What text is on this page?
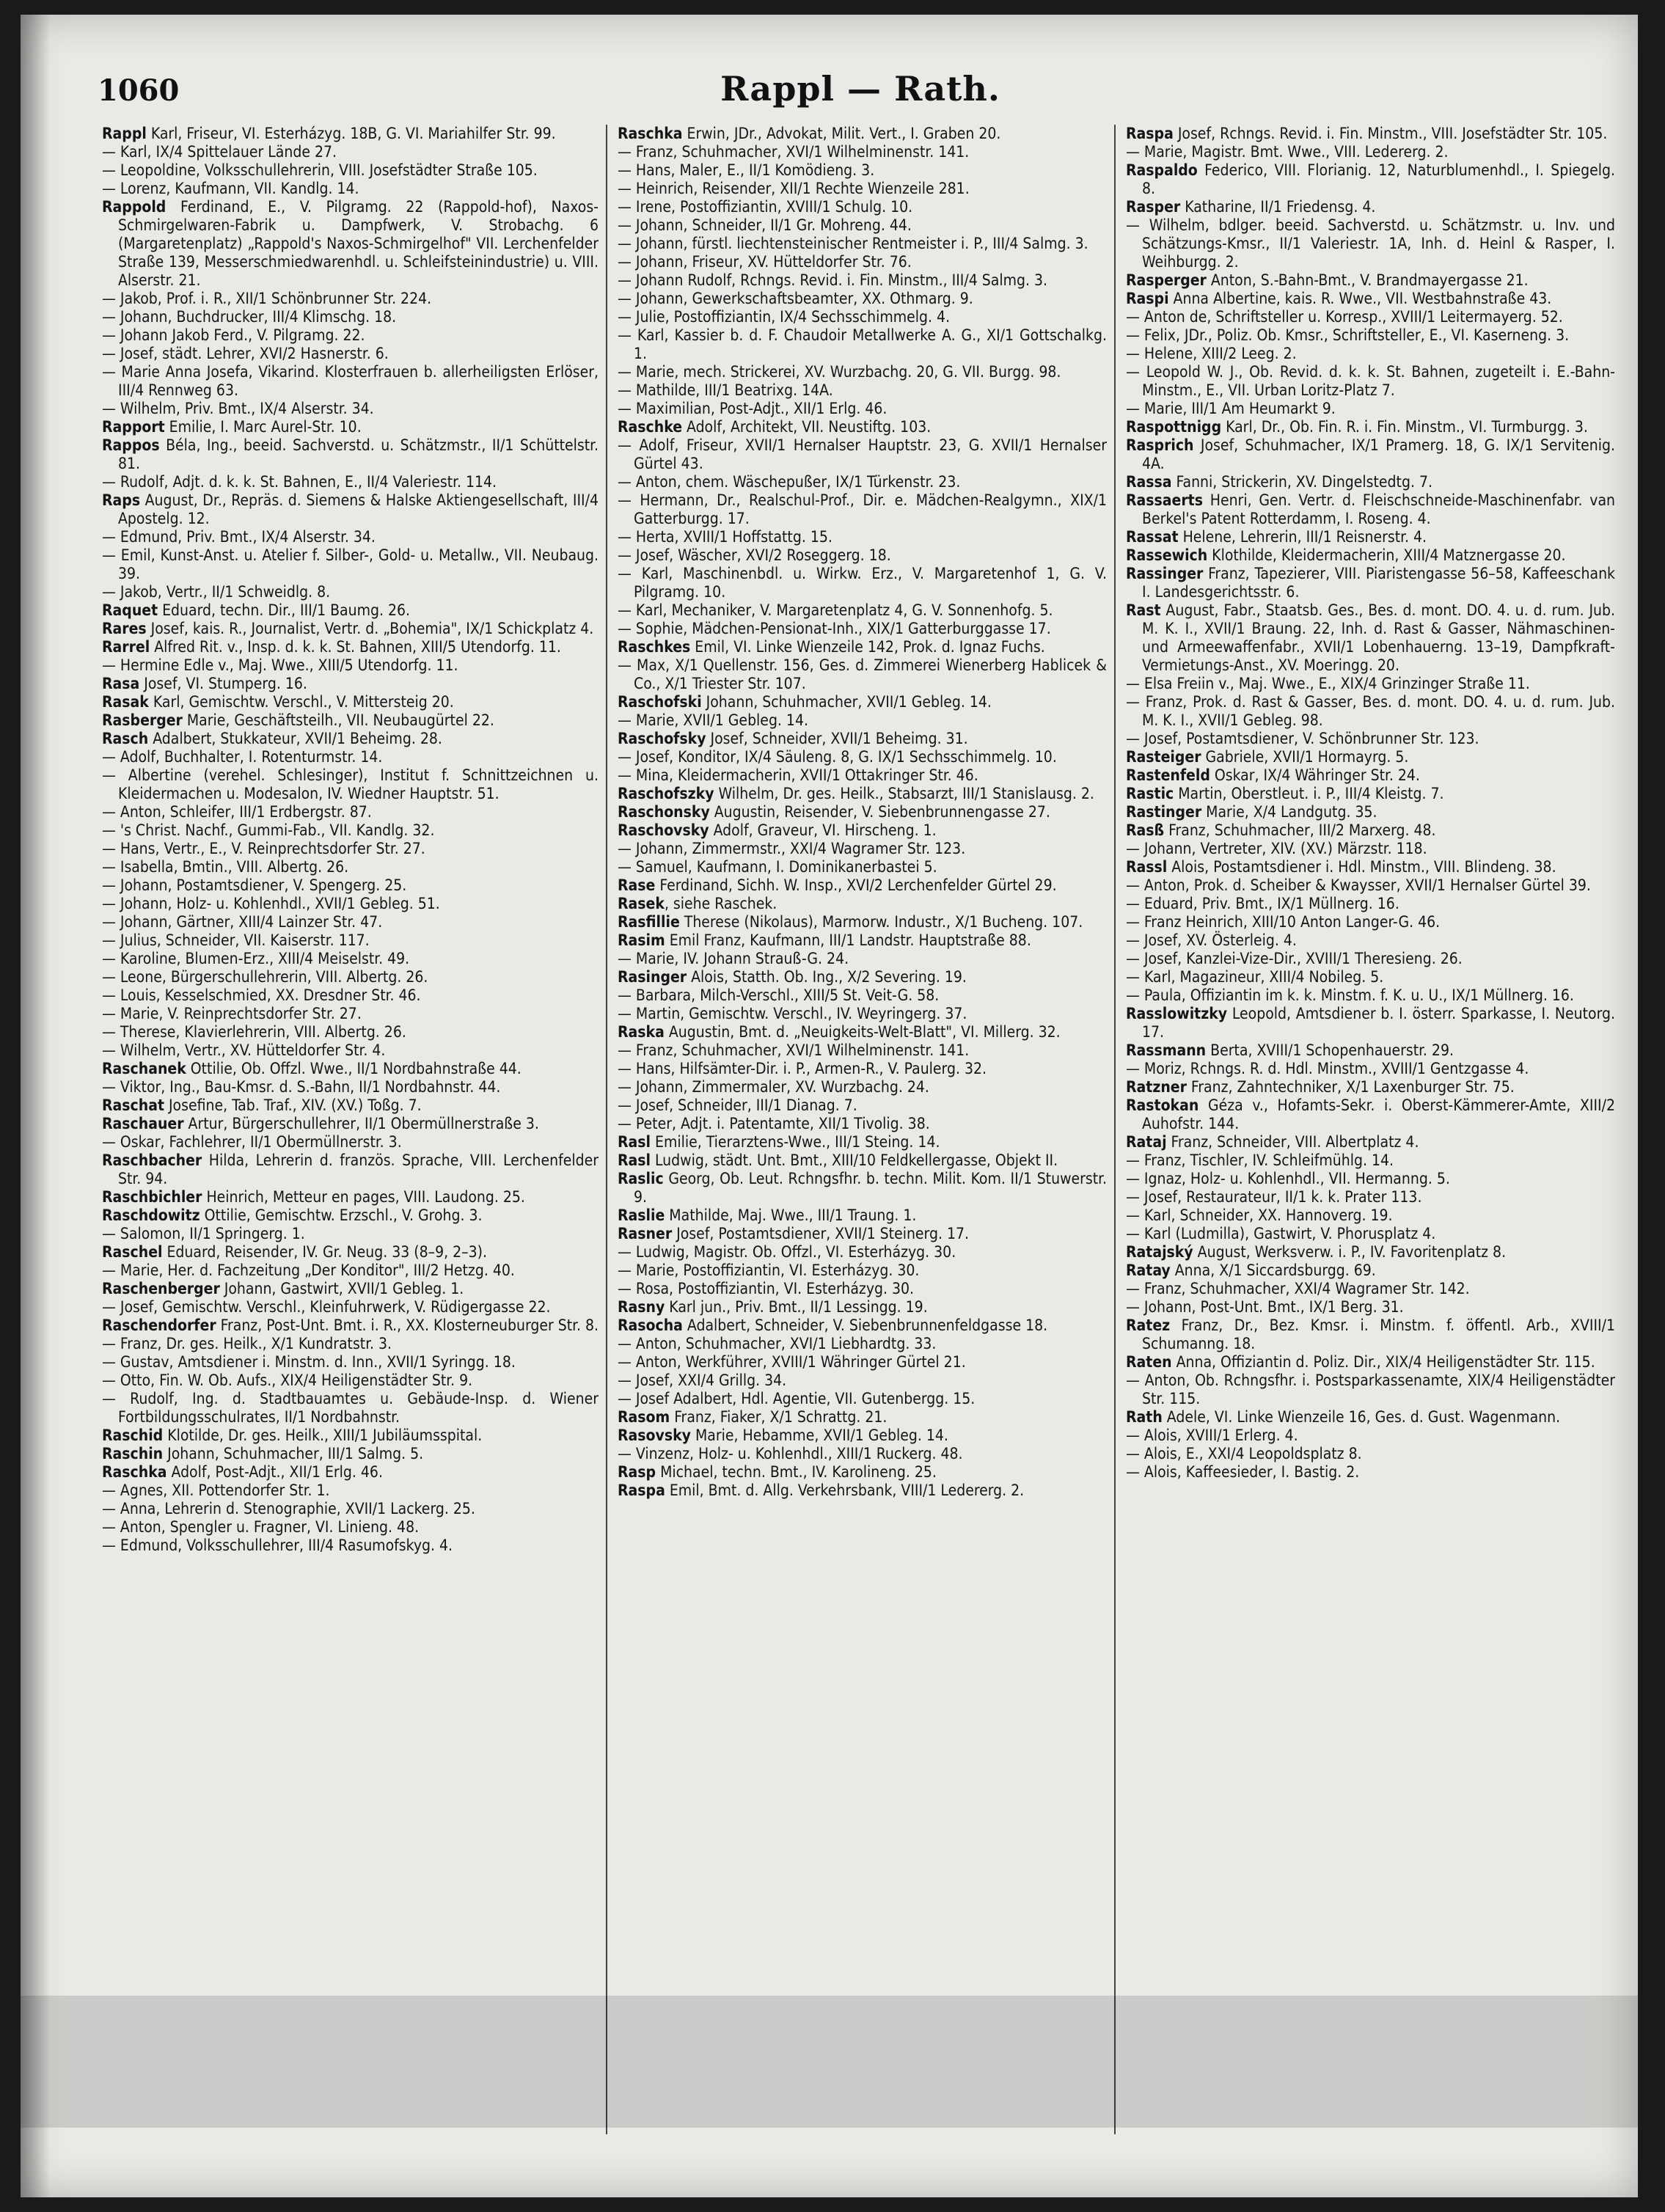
1060	Rappl — Rath.

Rappl Karl, Friseur, VI. Esterházyg. 18B, G. VI. Mariahilfer Str. 99.

— Karl, IX/4 Spittelauer Lände 27.

— Leopoldine, Volksschullehrerin, VIII. Josefstädter Straße 105.

— Lorenz, Kaufmann, VII. Kandlg. 14.

Rappold Ferdinand, E., V. Pilgramg. 22 (Rappold-hof), Naxos-Schmirgelwaren-Fabrik u. Dampfwerk, V. Strobachg. 6 (Margaretenplatz) „Rappold's Naxos-Schmirgelhof" VII. Lerchenfelder Straße 139, Messerschmiedwarenhdl. u. Schleifsteinindustrie) u. VIII. Alserstr. 21.

— Jakob, Prof. i. R., XII/1 Schönbrunner Str. 224.

— Johann, Buchdrucker, III/4 Klimschg. 18.

— Johann Jakob Ferd., V. Pilgramg. 22.

— Josef, städt. Lehrer, XVI/2 Hasnerstr. 6.

— Marie Anna Josefa, Vikarind. Klosterfrauen b. allerheiligsten Erlöser, III/4 Rennweg 63.

— Wilhelm, Priv. Bmt., IX/4 Alserstr. 34.

Rapport Emilie, I. Marc Aurel-Str. 10.

Rappos Béla, Ing., beeid. Sachverstd. u. Schätzmstr., II/1 Schüttelstr. 81.

— Rudolf, Adjt. d. k. k. St. Bahnen, E., II/4 Valeriestr. 114.

Raps August, Dr., Repräs. d. Siemens & Halske Aktiengesellschaft, III/4 Apostelg. 12.

— Edmund, Priv. Bmt., IX/4 Alserstr. 34.

— Emil, Kunst-Anst. u. Atelier f. Silber-, Gold- u. Metallw., VII. Neubaug. 39.

— Jakob, Vertr., II/1 Schweidlg. 8.

Raquet Eduard, techn. Dir., III/1 Baumg. 26.

Rares Josef, kais. R., Journalist, Vertr. d. „Bohemia", IX/1 Schickplatz 4.

Rarrel Alfred Rit. v., Insp. d. k. k. St. Bahnen, XIII/5 Utendorfg. 11.

— Hermine Edle v., Maj. Wwe., XIII/5 Utendorfg. 11.

Rasa Josef, VI. Stumperg. 16.

Rasak Karl, Gemischtw. Verschl., V. Mittersteig 20.

Rasberger Marie, Geschäftsteilh., VII. Neubaugürtel 22.

Rasch Adalbert, Stukkateur, XVII/1 Beheimg. 28.

— Adolf, Buchhalter, I. Rotenturmstr. 14.

— Albertine (verehel. Schlesinger), Institut f. Schnittzeichnen u. Kleidermachen u. Modesalon, IV. Wiedner Hauptstr. 51.

— Anton, Schleifer, III/1 Erdbergstr. 87.

— 's Christ. Nachf., Gummi-Fab., VII. Kandlg. 32.

— Hans, Vertr., E., V. Reinprechtsdorfer Str. 27.

— Isabella, Bmtin., VIII. Albertg. 26.

— Johann, Postamtsdiener, V. Spengerg. 25.

— Johann, Holz- u. Kohlenhdl., XVII/1 Gebleg. 51.

— Johann, Gärtner, XIII/4 Lainzer Str. 47.

— Julius, Schneider, VII. Kaiserstr. 117.

— Karoline, Blumen-Erz., XIII/4 Meiselstr. 49.

— Leone, Bürgerschullehrerin, VIII. Albertg. 26.

— Louis, Kesselschmied, XX. Dresdner Str. 46.

— Marie, V. Reinprechtsdorfer Str. 27.

— Therese, Klavierlehrerin, VIII. Albertg. 26.

— Wilhelm, Vertr., XV. Hütteldorfer Str. 4.

Raschanek Ottilie, Ob. Offzl. Wwe., II/1 Nordbahnstraße 44.

— Viktor, Ing., Bau-Kmsr. d. S.-Bahn, II/1 Nordbahnstr. 44.

Raschat Josefine, Tab. Traf., XIV. (XV.) Toßg. 7.

Raschauer Artur, Bürgerschullehrer, II/1 Obermüllnerstraße 3.

— Oskar, Fachlehrer, II/1 Obermüllnerstr. 3.

Raschbacher Hilda, Lehrerin d. französ. Sprache, VIII. Lerchenfelder Str. 94.

Raschbichler Heinrich, Metteur en pages, VIII. Laudong. 25.

Raschdowitz Ottilie, Gemischtw. Erzschl., V. Grohg. 3.

— Salomon, II/1 Springerg. 1.

Raschel Eduard, Reisender, IV. Gr. Neug. 33 (8–9, 2–3).

— Marie, Her. d. Fachzeitung „Der Konditor", III/2 Hetzg. 40.

Raschenberger Johann, Gastwirt, XVII/1 Gebleg. 1.

— Josef, Gemischtw. Verschl., Kleinfuhrwerk, V. Rüdigergasse 22.

Raschendorfer Franz, Post-Unt. Bmt. i. R., XX. Klosterneuburger Str. 8.

— Franz, Dr. ges. Heilk., X/1 Kundratstr. 3.

— Gustav, Amtsdiener i. Minstm. d. Inn., XVII/1 Syringg. 18.

— Otto, Fin. W. Ob. Aufs., XIX/4 Heiligenstädter Str. 9.

— Rudolf, Ing. d. Stadtbauamtes u. Gebäude-Insp. d. Wiener Fortbildungsschulrates, II/1 Nordbahnstr.

Raschid Klotilde, Dr. ges. Heilk., XIII/1 Jubiläumsspital.

Raschin Johann, Schuhmacher, III/1 Salmg. 5.

Raschka Adolf, Post-Adjt., XII/1 Erlg. 46.

— Agnes, XII. Pottendorfer Str. 1.

— Anna, Lehrerin d. Stenographie, XVII/1 Lackerg. 25.

— Anton, Spengler u. Fragner, VI. Linieng. 48.

— Edmund, Volksschullehrer, III/4 Rasumofskyg. 4.

Raschka Erwin, JDr., Advokat, Milit. Vert., I. Graben 20.

— Franz, Schuhmacher, XVI/1 Wilhelminenstr. 141.

— Hans, Maler, E., II/1 Komödieng. 3.

— Heinrich, Reisender, XII/1 Rechte Wienzeile 281.

— Irene, Postoffiziantin, XVIII/1 Schulg. 10.

— Johann, Schneider, II/1 Gr. Mohreng. 44.

— Johann, fürstl. liechtensteinischer Rentmeister i. P., III/4 Salmg. 3.

— Johann, Friseur, XV. Hütteldorfer Str. 76.

— Johann Rudolf, Rchngs. Revid. i. Fin. Minstm., III/4 Salmg. 3.

— Johann, Gewerkschaftsbeamter, XX. Othmarg. 9.

— Julie, Postoffiziantin, IX/4 Sechsschimmelg. 4.

— Karl, Kassier b. d. F. Chaudoir Metallwerke A. G., XI/1 Gottschalkg. 1.

— Marie, mech. Strickerei, XV. Wurzbachg. 20, G. VII. Burgg. 98.

— Mathilde, III/1 Beatrixg. 14A.

— Maximilian, Post-Adjt., XII/1 Erlg. 46.

Raschke Adolf, Architekt, VII. Neustiftg. 103.

— Adolf, Friseur, XVII/1 Hernalser Hauptstr. 23, G. XVII/1 Hernalser Gürtel 43.

— Anton, chem. Wäschepußer, IX/1 Türkenstr. 23.

— Hermann, Dr., Realschul-Prof., Dir. e. Mädchen-Realgymn., XIX/1 Gatterburgg. 17.

— Herta, XVIII/1 Hoffstattg. 15.

— Josef, Wäscher, XVI/2 Roseggerg. 18.

— Karl, Maschinenbdl. u. Wirkw. Erz., V. Margaretenhof 1, G. V. Pilgramg. 10.

— Karl, Mechaniker, V. Margaretenplatz 4, G. V. Sonnenhofg. 5.

— Sophie, Mädchen-Pensionat-Inh., XIX/1 Gatterburggasse 17.

Raschkes Emil, VI. Linke Wienzeile 142, Prok. d. Ignaz Fuchs.

— Max, X/1 Quellenstr. 156, Ges. d. Zimmerei Wienerberg Hablicek & Co., X/1 Triester Str. 107.

Raschofski Johann, Schuhmacher, XVII/1 Gebleg. 14.

— Marie, XVII/1 Gebleg. 14.

Raschofsky Josef, Schneider, XVII/1 Beheimg. 31.

— Josef, Konditor, IX/4 Säuleng. 8, G. IX/1 Sechsschimmelg. 10.

— Mina, Kleidermacherin, XVII/1 Ottakringer Str. 46.

Raschofszky Wilhelm, Dr. ges. Heilk., Stabsarzt, III/1 Stanislausg. 2.

Raschonsky Augustin, Reisender, V. Siebenbrunnengasse 27.

Raschovsky Adolf, Graveur, VI. Hirscheng. 1.

— Johann, Zimmermstr., XXI/4 Wagramer Str. 123.

— Samuel, Kaufmann, I. Dominikanerbastei 5.

Rase Ferdinand, Sichh. W. Insp., XVI/2 Lerchenfelder Gürtel 29.

Rasek, siehe Raschek.

Rasfillie Therese (Nikolaus), Marmorw. Industr., X/1 Bucheng. 107.

Rasim Emil Franz, Kaufmann, III/1 Landstr. Hauptstraße 88.

— Marie, IV. Johann Strauß-G. 24.

Rasinger Alois, Statth. Ob. Ing., X/2 Severing. 19.

— Barbara, Milch-Verschl., XIII/5 St. Veit-G. 58.

— Martin, Gemischtw. Verschl., IV. Weyringerg. 37.

Raska Augustin, Bmt. d. „Neuigkeits-Welt-Blatt", VI. Millerg. 32.

— Franz, Schuhmacher, XVI/1 Wilhelminenstr. 141.

— Hans, Hilfsämter-Dir. i. P., Armen-R., V. Paulerg. 32.

— Johann, Zimmermaler, XV. Wurzbachg. 24.

— Josef, Schneider, III/1 Dianag. 7.

— Peter, Adjt. i. Patentamte, XII/1 Tivolig. 38.

Rasl Emilie, Tierarztens-Wwe., III/1 Steing. 14.

Rasl Ludwig, städt. Unt. Bmt., XIII/10 Feldkellergasse, Objekt II.

Raslic Georg, Ob. Leut. Rchngsfhr. b. techn. Milit. Kom. II/1 Stuwerstr. 9.

Raslie Mathilde, Maj. Wwe., III/1 Traung. 1.

Rasner Josef, Postamtsdiener, XVII/1 Steinerg. 17.

— Ludwig, Magistr. Ob. Offzl., VI. Esterházyg. 30.

— Marie, Postoffiziantin, VI. Esterházyg. 30.

— Rosa, Postoffiziantin, VI. Esterházyg. 30.

Rasny Karl jun., Priv. Bmt., II/1 Lessingg. 19.

Rasocha Adalbert, Schneider, V. Siebenbrunnenfeldgasse 18.

— Anton, Schuhmacher, XVI/1 Liebhardtg. 33.

— Anton, Werkführer, XVIII/1 Währinger Gürtel 21.

— Josef, XXI/4 Grillg. 34.

— Josef Adalbert, Hdl. Agentie, VII. Gutenbergg. 15.

Rasom Franz, Fiaker, X/1 Schrattg. 21.

Rasovsky Marie, Hebamme, XVII/1 Gebleg. 14.

— Vinzenz, Holz- u. Kohlenhdl., XIII/1 Ruckerg. 48.

Rasp Michael, techn. Bmt., IV. Karolineng. 25.

Raspa Emil, Bmt. d. Allg. Verkehrsbank, VIII/1 Ledererg. 2.

Raspa Josef, Rchngs. Revid. i. Fin. Minstm., VIII. Josefstädter Str. 105.

— Marie, Magistr. Bmt. Wwe., VIII. Ledererg. 2.

Raspaldo Federico, VIII. Florianig. 12, Naturblumenhdl., I. Spiegelg. 8.

Rasper Katharine, II/1 Friedensg. 4.

— Wilhelm, bdlger. beeid. Sachverstd. u. Schätzmstr. u. Inv. und Schätzungs-Kmsr., II/1 Valeriestr. 1A, Inh. d. Heinl & Rasper, I. Weihburgg. 2.

Rasperger Anton, S.-Bahn-Bmt., V. Brandmayergasse 21.

Raspi Anna Albertine, kais. R. Wwe., VII. Westbahnstraße 43.

— Anton de, Schriftsteller u. Korresp., XVIII/1 Leitermayerg. 52.

— Felix, JDr., Poliz. Ob. Kmsr., Schriftsteller, E., VI. Kaserneng. 3.

— Helene, XIII/2 Leeg. 2.

— Leopold W. J., Ob. Revid. d. k. k. St. Bahnen, zugeteilt i. E.-Bahn-Minstm., E., VII. Urban Loritz-Platz 7.

— Marie, III/1 Am Heumarkt 9.

Raspottnigg Karl, Dr., Ob. Fin. R. i. Fin. Minstm., VI. Turmburgg. 3.

Rasprich Josef, Schuhmacher, IX/1 Pramerg. 18, G. IX/1 Servitenig. 4A.

Rassa Fanni, Strickerin, XV. Dingelstedtg. 7.

Rassaerts Henri, Gen. Vertr. d. Fleischschneide-Maschinenfabr. van Berkel's Patent Rotterdamm, I. Roseng. 4.

Rassat Helene, Lehrerin, III/1 Reisnerstr. 4.

Rassewich Klothilde, Kleidermacherin, XIII/4 Matznergasse 20.

Rassinger Franz, Tapezierer, VIII. Piaristengasse 56–58, Kaffeeschank I. Landesgerichtsstr. 6.

Rast August, Fabr., Staatsb. Ges., Bes. d. mont. DO. 4. u. d. rum. Jub. M. K. I., XVII/1 Braung. 22, Inh. d. Rast & Gasser, Nähmaschinen- und Armeewaffenfabr., XVII/1 Lobenhauerng. 13–19, Dampfkraft-Vermietungs-Anst., XV. Moeringg. 20.

— Elsa Freiin v., Maj. Wwe., E., XIX/4 Grinzinger Straße 11.

— Franz, Prok. d. Rast & Gasser, Bes. d. mont. DO. 4. u. d. rum. Jub. M. K. I., XVII/1 Gebleg. 98.

— Josef, Postamtsdiener, V. Schönbrunner Str. 123.

Rasteiger Gabriele, XVII/1 Hormayrg. 5.

Rastenfeld Oskar, IX/4 Währinger Str. 24.

Rastic Martin, Oberstleut. i. P., III/4 Kleistg. 7.

Rastinger Marie, X/4 Landgutg. 35.

Rasß Franz, Schuhmacher, III/2 Marxerg. 48.

— Johann, Vertreter, XIV. (XV.) Märzstr. 118.

Rassl Alois, Postamtsdiener i. Hdl. Minstm., VIII. Blindeng. 38.

— Anton, Prok. d. Scheiber & Kwaysser, XVII/1 Hernalser Gürtel 39.

— Eduard, Priv. Bmt., IX/1 Müllnerg. 16.

— Franz Heinrich, XIII/10 Anton Langer-G. 46.

— Josef, XV. Österleig. 4.

— Josef, Kanzlei-Vize-Dir., XVIII/1 Theresieng. 26.

— Karl, Magazineur, XIII/4 Nobileg. 5.

— Paula, Offiziantin im k. k. Minstm. f. K. u. U., IX/1 Müllnerg. 16.

Rasslowitzky Leopold, Amtsdiener b. I. österr. Sparkasse, I. Neutorg. 17.

Rassmann Berta, XVIII/1 Schopenhauerstr. 29.

— Moriz, Rchngs. R. d. Hdl. Minstm., XVIII/1 Gentzgasse 4.

Ratzner Franz, Zahntechniker, X/1 Laxenburger Str. 75.

Rastokan Géza v., Hofamts-Sekr. i. Oberst-Kämmerer-Amte, XIII/2 Auhofstr. 144.

Rataj Franz, Schneider, VIII. Albertplatz 4.

— Franz, Tischler, IV. Schleifmühlg. 14.

— Ignaz, Holz- u. Kohlenhdl., VII. Hermanng. 5.

— Josef, Restaurateur, II/1 k. k. Prater 113.

— Karl, Schneider, XX. Hannoverg. 19.

— Karl (Ludmilla), Gastwirt, V. Phorusplatz 4.

Ratajský August, Werksverw. i. P., IV. Favoritenplatz 8.

Ratay Anna, X/1 Siccardsburgg. 69.

— Franz, Schuhmacher, XXI/4 Wagramer Str. 142.

— Johann, Post-Unt. Bmt., IX/1 Berg. 31.

Ratez Franz, Dr., Bez. Kmsr. i. Minstm. f. öffentl. Arb., XVIII/1 Schumanng. 18.

Raten Anna, Offiziantin d. Poliz. Dir., XIX/4 Heiligenstädter Str. 115.

— Anton, Ob. Rchngsfhr. i. Postsparkassenamte, XIX/4 Heiligenstädter Str. 115.

Rath Adele, VI. Linke Wienzeile 16, Ges. d. Gust. Wagenmann.

— Alois, XVIII/1 Erlerg. 4.

— Alois, E., XXI/4 Leopoldsplatz 8.

— Alois, Kaffeesieder, I. Bastig. 2.
